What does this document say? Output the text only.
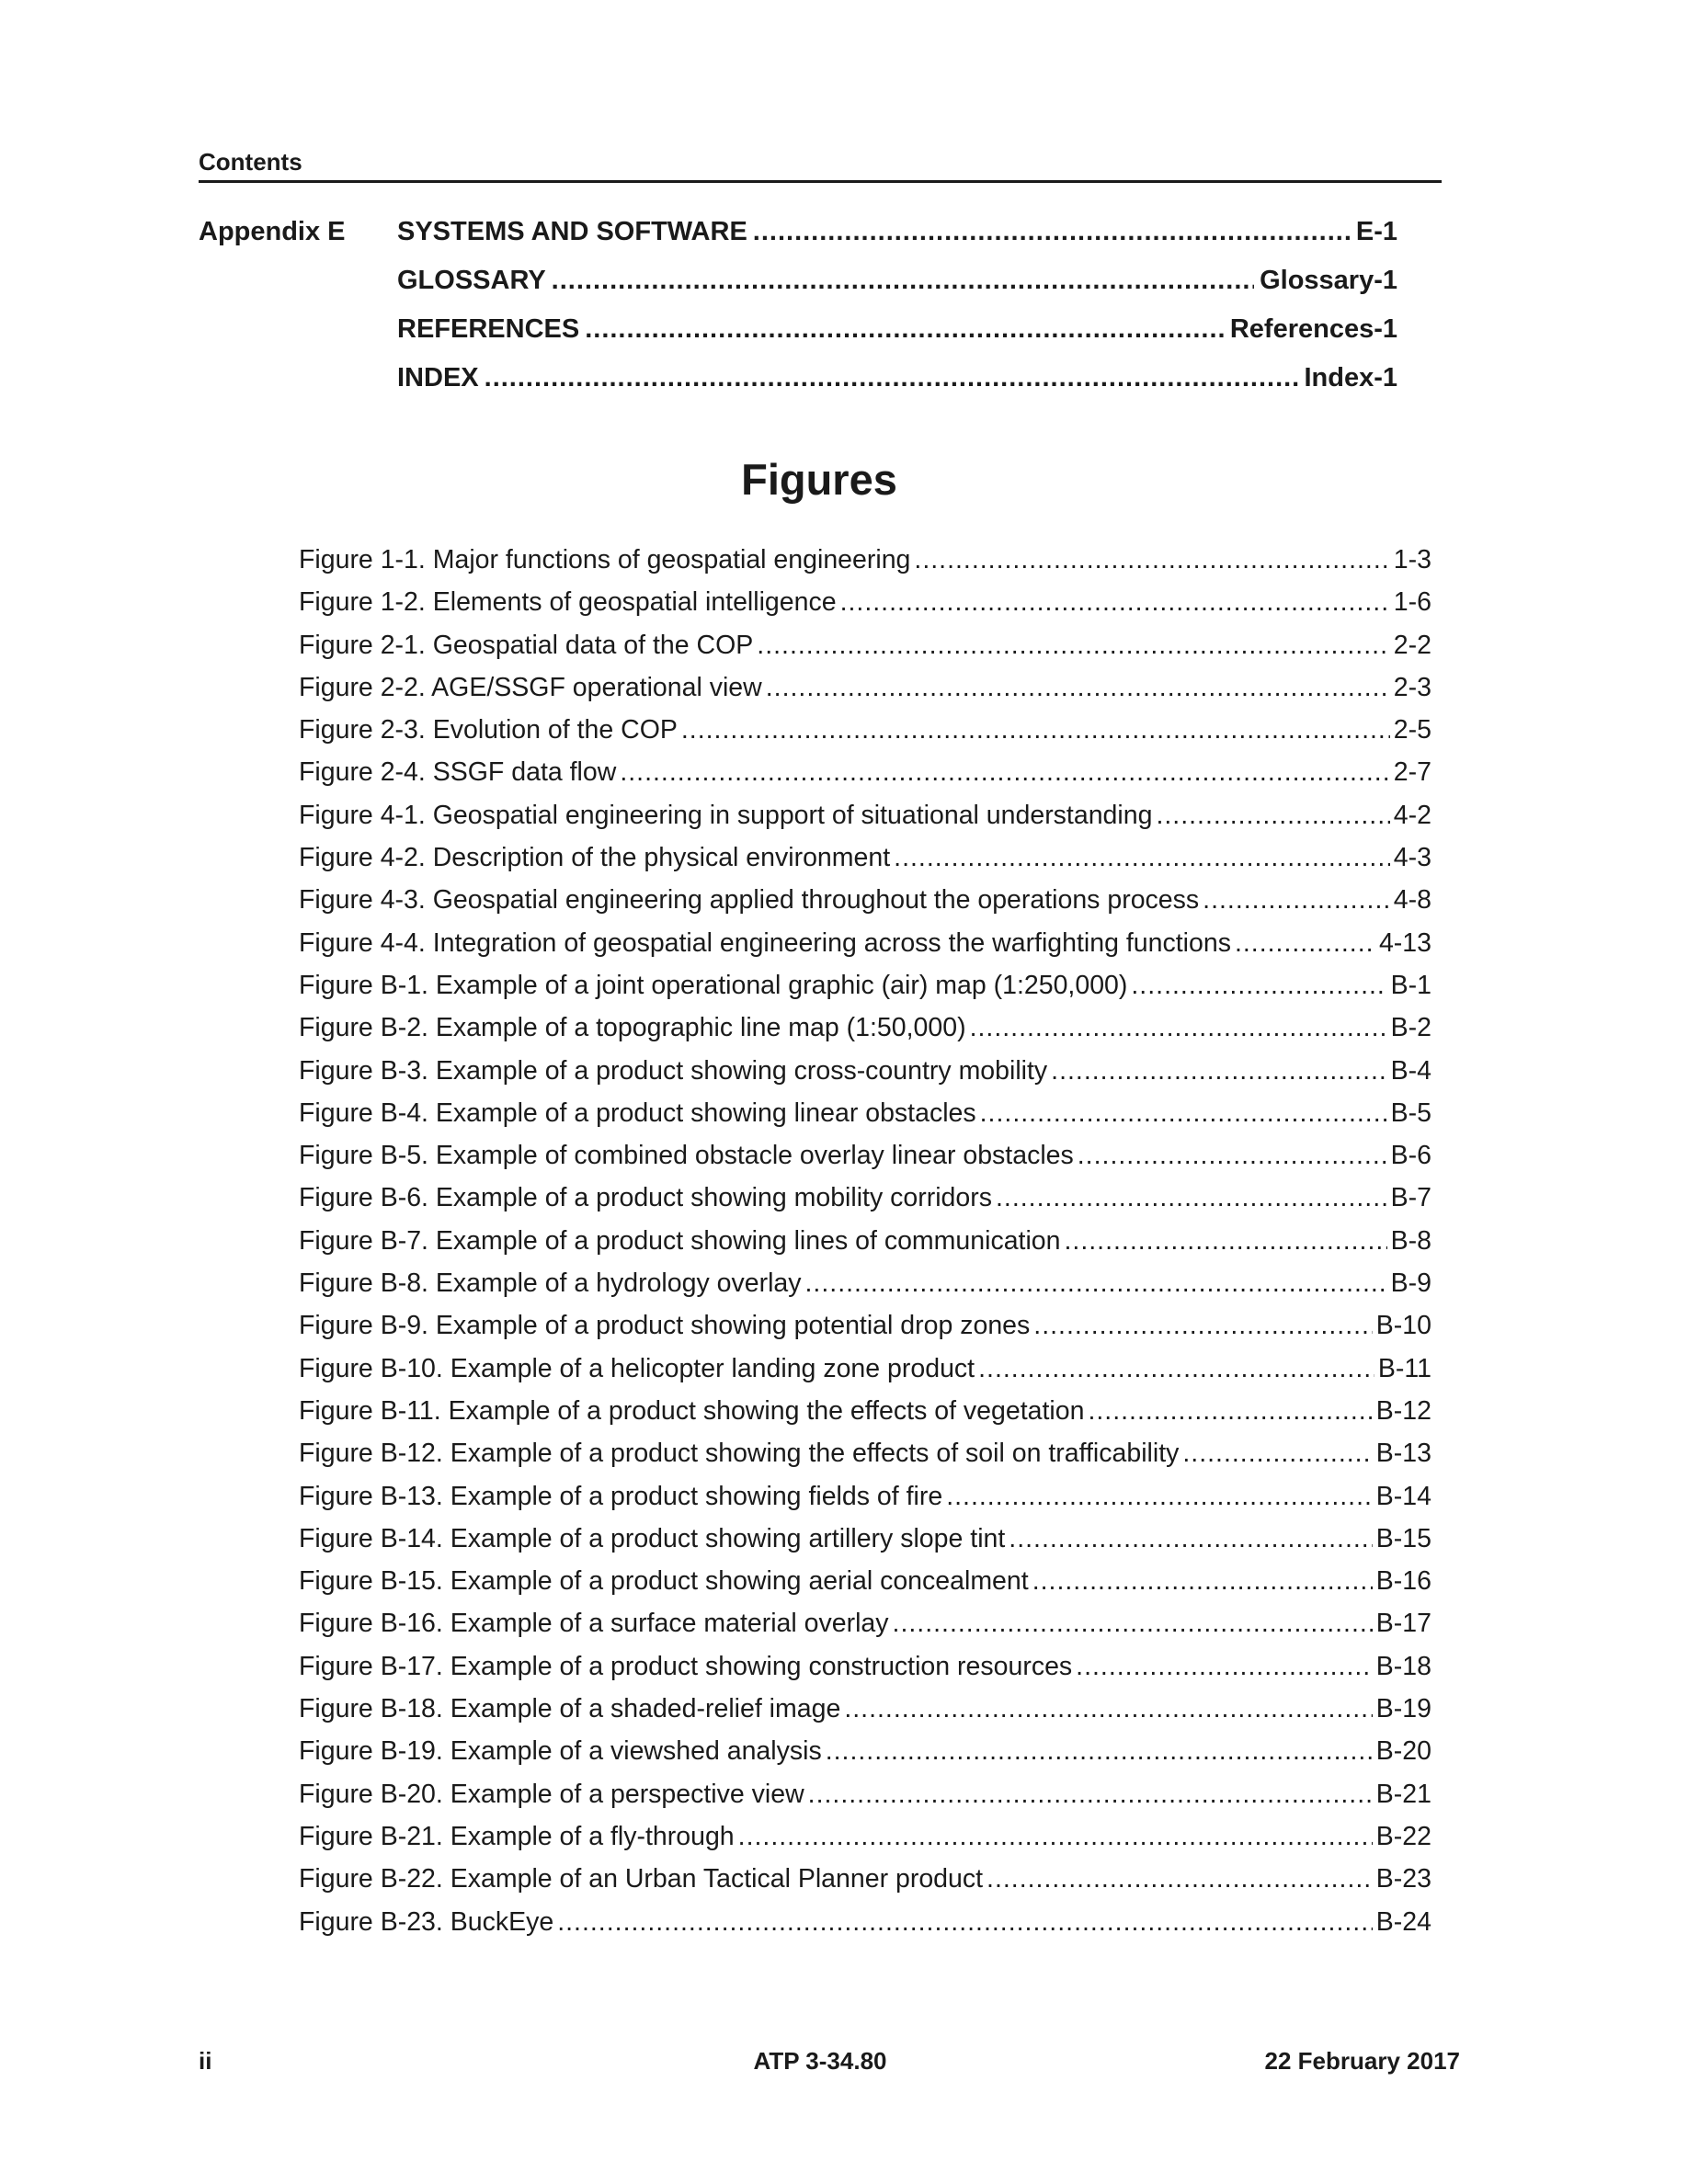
Contents
Appendix E SYSTEMS AND SOFTWARE .....	E-1
GLOSSARY .....	Glossary-1
REFERENCES .....	References-1
INDEX .....	Index-1
Figures
Figure 1-1. Major functions of geospatial engineering .....	1-3
Figure 1-2. Elements of geospatial intelligence .....	1-6
Figure 2-1. Geospatial data of the COP .....	2-2
Figure 2-2. AGE/SSGF operational view .....	2-3
Figure 2-3. Evolution of the COP .....	2-5
Figure 2-4. SSGF data flow .....	2-7
Figure 4-1. Geospatial engineering in support of situational understanding .....	4-2
Figure 4-2. Description of the physical environment .....	4-3
Figure 4-3. Geospatial engineering applied throughout the operations process .....	4-8
Figure 4-4. Integration of geospatial engineering across the warfighting functions .....	4-13
Figure B-1. Example of a joint operational graphic (air) map (1:250,000) .....	B-1
Figure B-2. Example of a topographic line map (1:50,000) .....	B-2
Figure B-3. Example of a product showing cross-country mobility .....	B-4
Figure B-4. Example of a product showing linear obstacles .....	B-5
Figure B-5. Example of combined obstacle overlay linear obstacles .....	B-6
Figure B-6. Example of a product showing mobility corridors .....	B-7
Figure B-7. Example of a product showing lines of communication .....	B-8
Figure B-8. Example of a hydrology overlay .....	B-9
Figure B-9. Example of a product showing potential drop zones .....	B-10
Figure B-10. Example of a helicopter landing zone product .....	B-11
Figure B-11. Example of a product showing the effects of vegetation .....	B-12
Figure B-12. Example of a product showing the effects of soil on trafficability .....	B-13
Figure B-13. Example of a product showing fields of fire .....	B-14
Figure B-14. Example of a product showing artillery slope tint .....	B-15
Figure B-15. Example of a product showing aerial concealment .....	B-16
Figure B-16. Example of a surface material overlay .....	B-17
Figure B-17. Example of a product showing construction resources .....	B-18
Figure B-18. Example of a shaded-relief image .....	B-19
Figure B-19. Example of a viewshed analysis .....	B-20
Figure B-20. Example of a perspective view .....	B-21
Figure B-21. Example of a fly-through .....	B-22
Figure B-22. Example of an Urban Tactical Planner product .....	B-23
Figure B-23. BuckEye .....	B-24
ii	ATP 3-34.80	22 February 2017
